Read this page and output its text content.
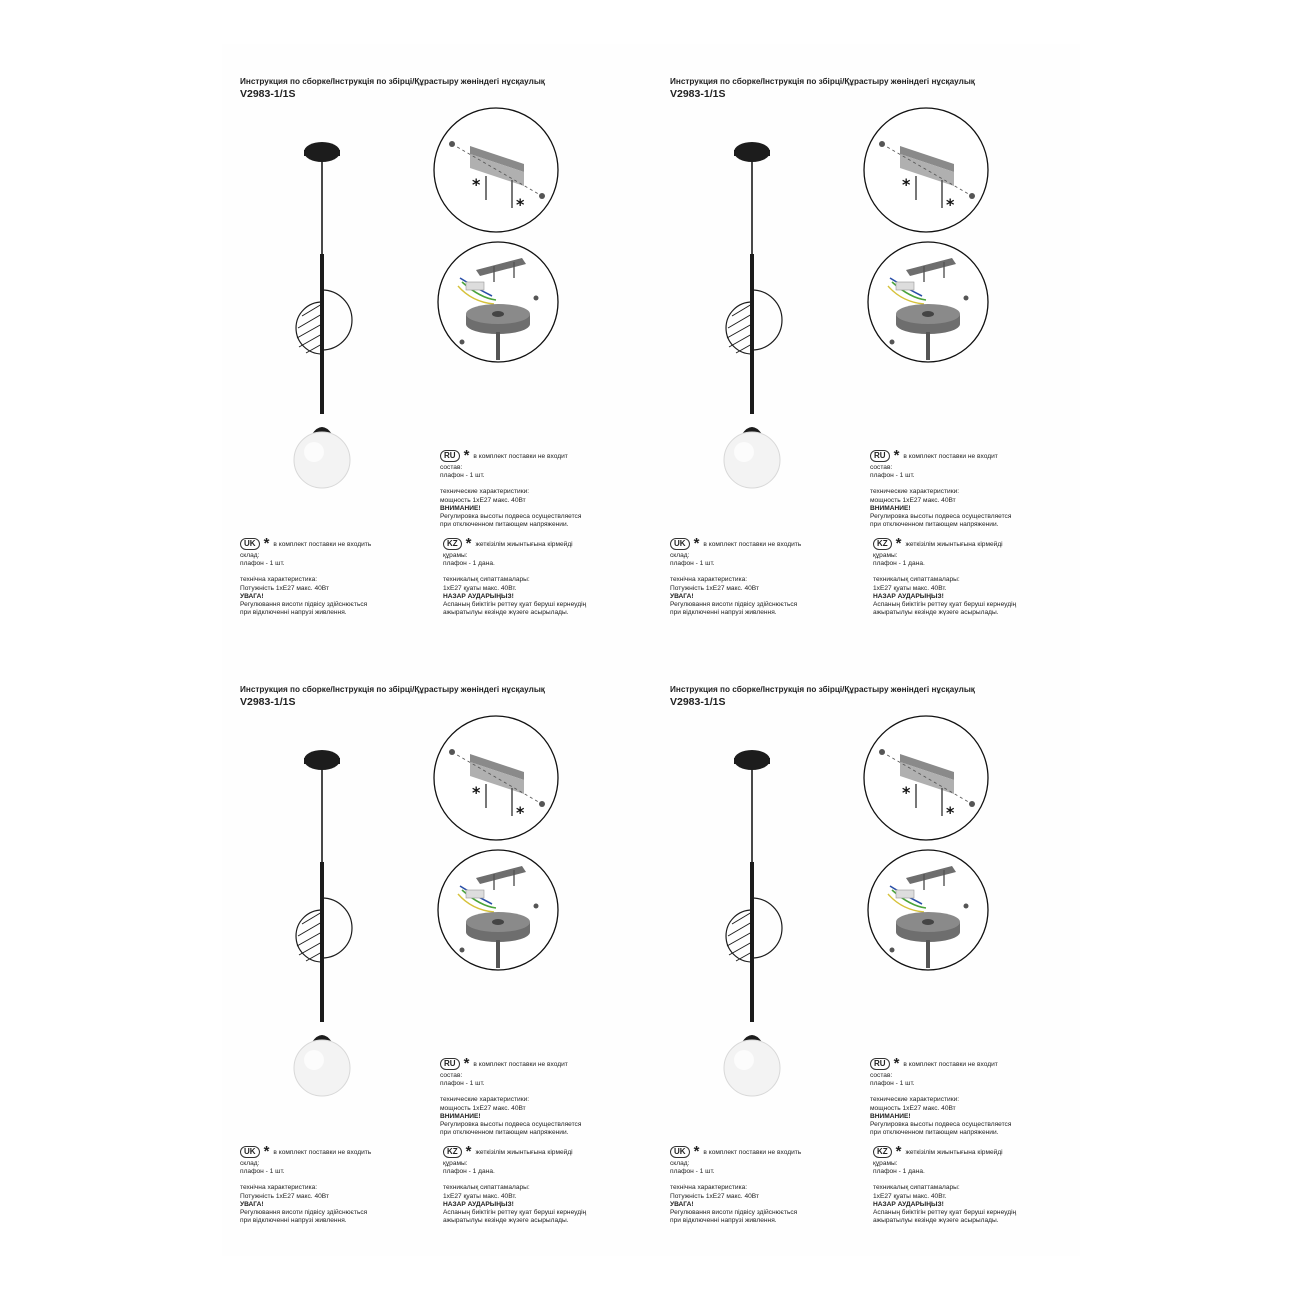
Инструкция по сборке/Інструкція по збірці/Құрастыру жөніндегі нұсқаулық
V2983-1/1S
*
*
RU * в комплект поставки не входит
состав:
плафон - 1 шт.
технические характеристики:
мощность 1хЕ27 макс. 40Вт
ВНИМАНИЕ!
Регулировка высоты подвеса осуществляется
при отключенном питающем напряжении.
UK * в комплект поставки не входить
склад:
плафон - 1 шт.
технічна характеристика:
Потужність 1хЕ27 макс. 40Вт
УВАГА!
Регулювання висоти підвісу здійснюється
при відключенні напрузі живлення.
KZ * жеткізілім жиынтығына кірмейді
құрамы:
плафон - 1 дана.
техникалық сипаттамалары:
1хЕ27 қуаты макс. 40Вт.
НАЗАР АУДАРЫҢЫЗ!
Аспаның биіктігін реттеу қуат беруші кернеудің
ажыратылуы кезінде жүзеге асырылады.
Инструкция по сборке/Інструкція по збірці/Құрастыру жөніндегі нұсқаулық
V2983-1/1S
*
*
RU * в комплект поставки не входит
состав:
плафон - 1 шт.
технические характеристики:
мощность 1хЕ27 макс. 40Вт
ВНИМАНИЕ!
Регулировка высоты подвеса осуществляется
при отключенном питающем напряжении.
UK * в комплект поставки не входить
склад:
плафон - 1 шт.
технічна характеристика:
Потужність 1хЕ27 макс. 40Вт
УВАГА!
Регулювання висоти підвісу здійснюється
при відключенні напрузі живлення.
KZ * жеткізілім жиынтығына кірмейді
құрамы:
плафон - 1 дана.
техникалық сипаттамалары:
1хЕ27 қуаты макс. 40Вт.
НАЗАР АУДАРЫҢЫЗ!
Аспаның биіктігін реттеу қуат беруші кернеудің
ажыратылуы кезінде жүзеге асырылады.
Инструкция по сборке/Інструкція по збірці/Құрастыру жөніндегі нұсқаулық
V2983-1/1S
*
*
RU * в комплект поставки не входит
состав:
плафон - 1 шт.
технические характеристики:
мощность 1хЕ27 макс. 40Вт
ВНИМАНИЕ!
Регулировка высоты подвеса осуществляется
при отключенном питающем напряжении.
UK * в комплект поставки не входить
склад:
плафон - 1 шт.
технічна характеристика:
Потужність 1хЕ27 макс. 40Вт
УВАГА!
Регулювання висоти підвісу здійснюється
при відключенні напрузі живлення.
KZ * жеткізілім жиынтығына кірмейді
құрамы:
плафон - 1 дана.
техникалық сипаттамалары:
1хЕ27 қуаты макс. 40Вт.
НАЗАР АУДАРЫҢЫЗ!
Аспаның биіктігін реттеу қуат беруші кернеудің
ажыратылуы кезінде жүзеге асырылады.
Инструкция по сборке/Інструкція по збірці/Құрастыру жөніндегі нұсқаулық
V2983-1/1S
*
*
RU * в комплект поставки не входит
состав:
плафон - 1 шт.
технические характеристики:
мощность 1хЕ27 макс. 40Вт
ВНИМАНИЕ!
Регулировка высоты подвеса осуществляется
при отключенном питающем напряжении.
UK * в комплект поставки не входить
склад:
плафон - 1 шт.
технічна характеристика:
Потужність 1хЕ27 макс. 40Вт
УВАГА!
Регулювання висоти підвісу здійснюється
при відключенні напрузі живлення.
KZ * жеткізілім жиынтығына кірмейді
құрамы:
плафон - 1 дана.
техникалық сипаттамалары:
1хЕ27 қуаты макс. 40Вт.
НАЗАР АУДАРЫҢЫЗ!
Аспаның биіктігін реттеу қуат беруші кернеудің
ажыратылуы кезінде жүзеге асырылады.
